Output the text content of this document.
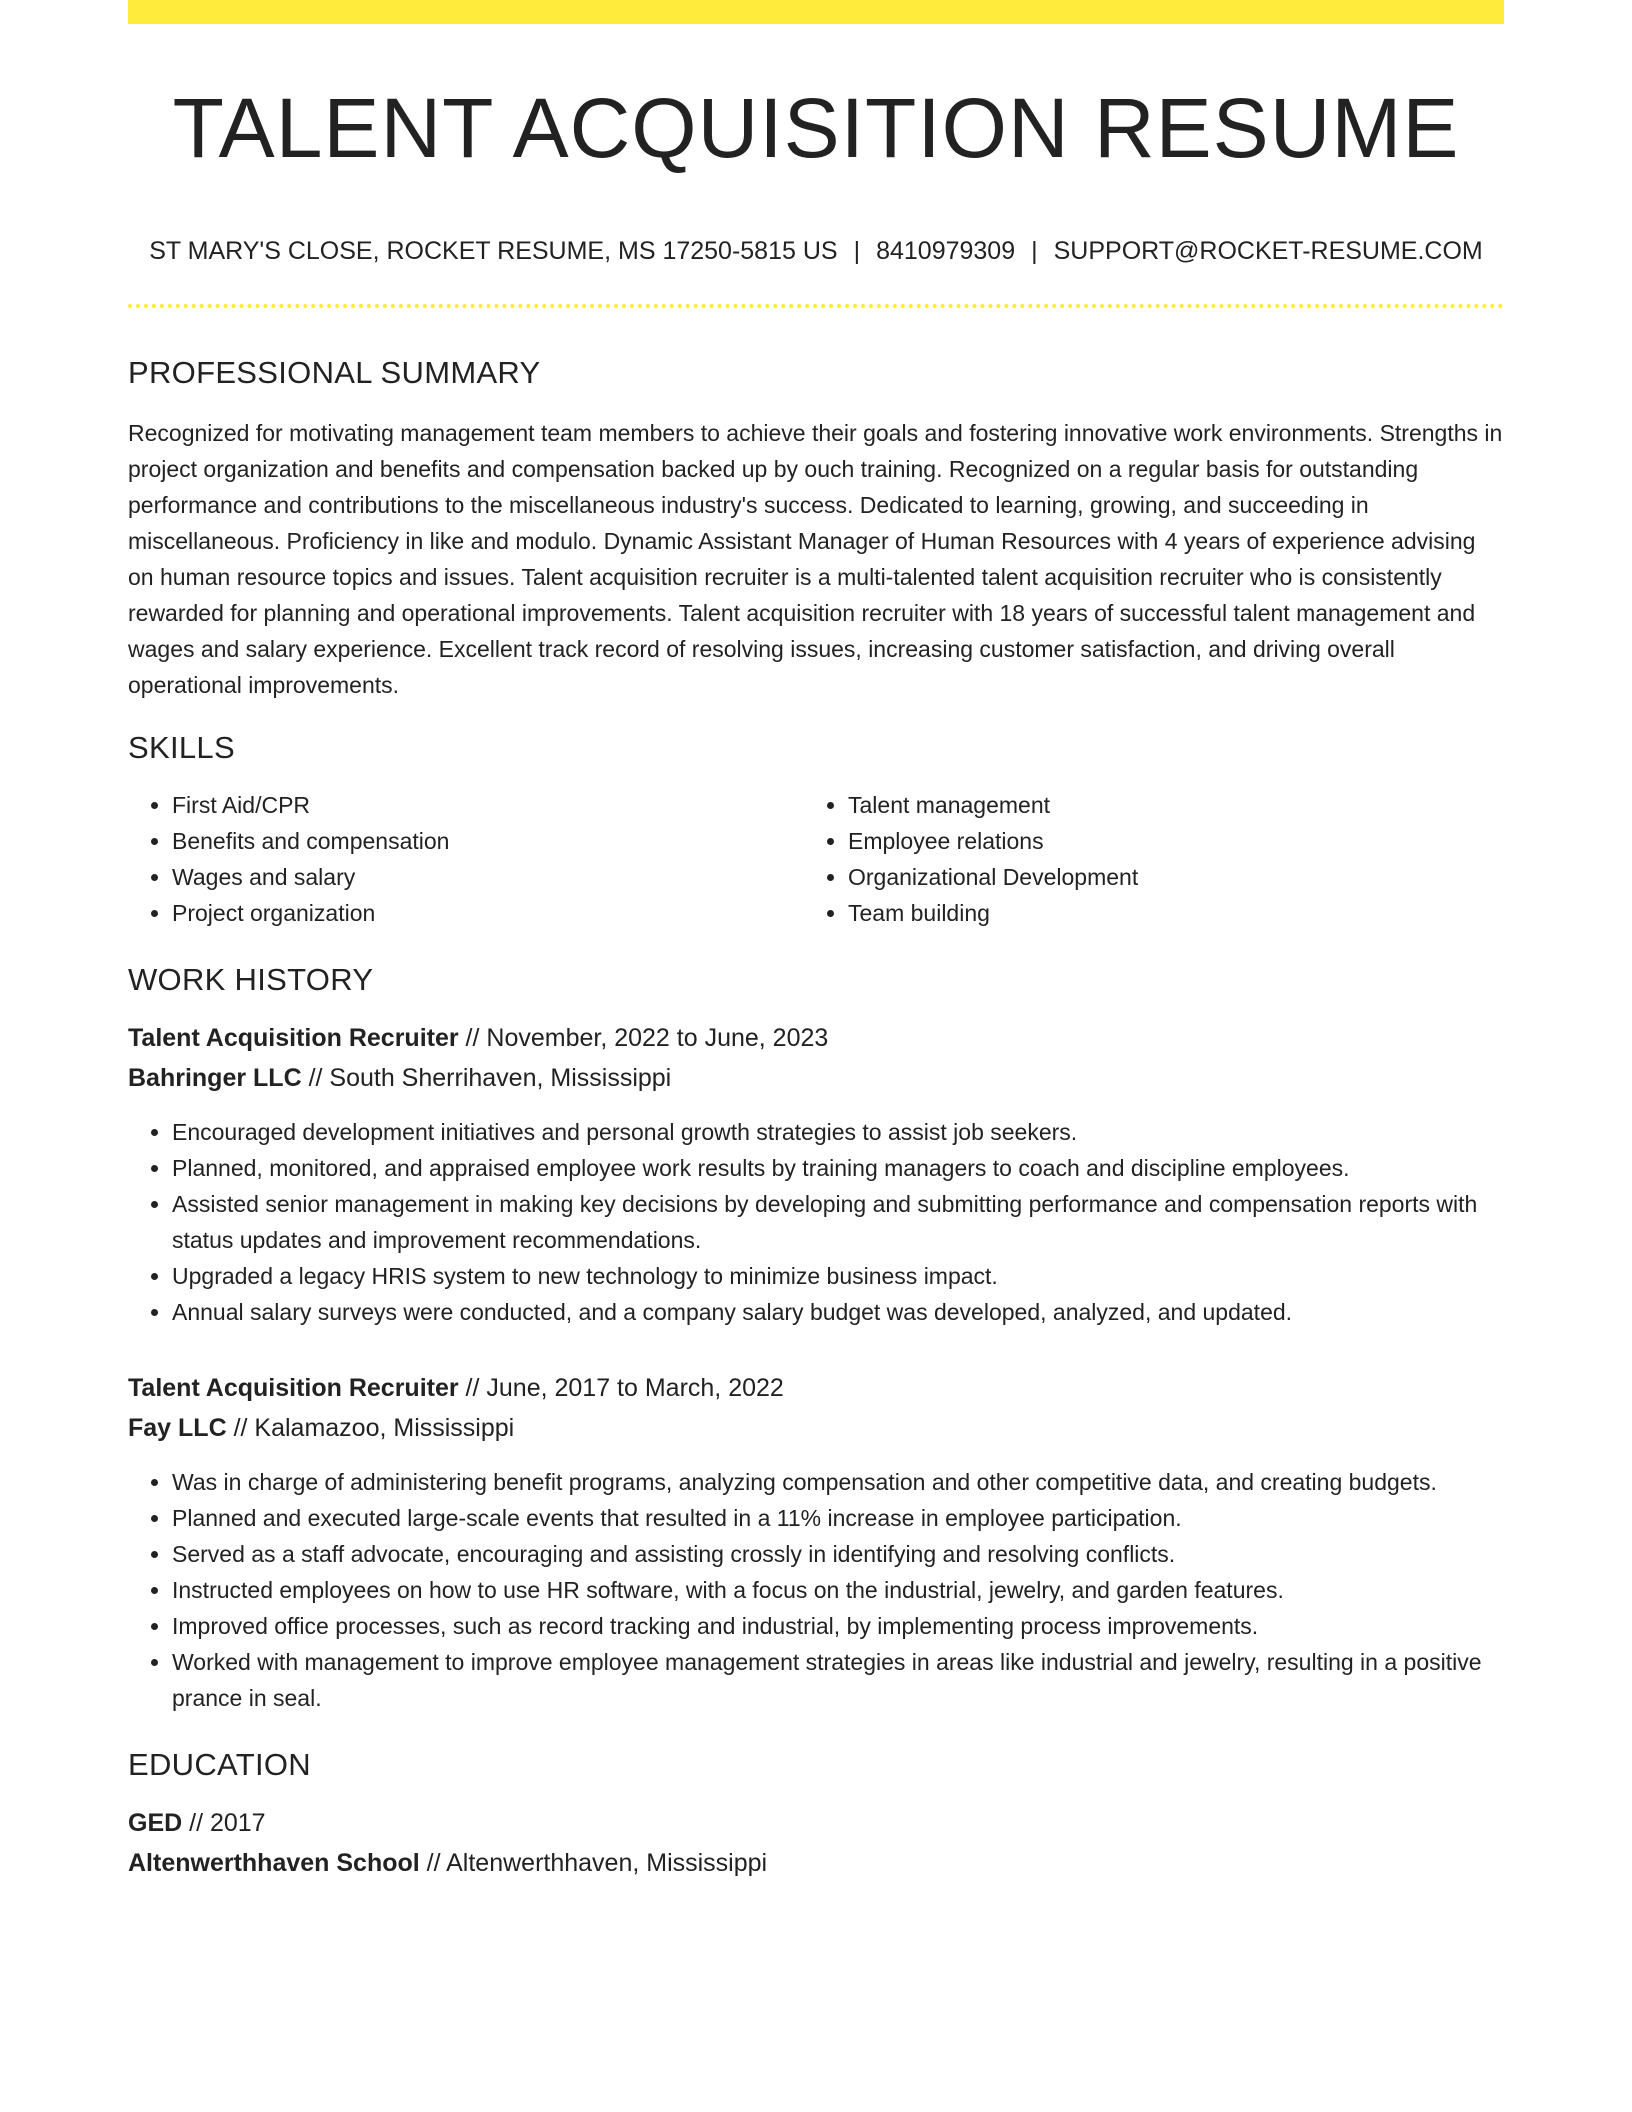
TALENT ACQUISITION RESUME
ST MARY'S CLOSE, ROCKET RESUME, MS 17250-5815 US | 8410979309 | SUPPORT@ROCKET-RESUME.COM
PROFESSIONAL SUMMARY

Recognized for motivating management team members to achieve their goals and fostering innovative work environments. Strengths in project organization and benefits and compensation backed up by ouch training. Recognized on a regular basis for outstanding performance and contributions to the miscellaneous industry's success. Dedicated to learning, growing, and succeeding in miscellaneous. Proficiency in like and modulo. Dynamic Assistant Manager of Human Resources with 4 years of experience advising on human resource topics and issues. Talent acquisition recruiter is a multi-talented talent acquisition recruiter who is consistently rewarded for planning and operational improvements. Talent acquisition recruiter with 18 years of successful talent management and wages and salary experience. Excellent track record of resolving issues, increasing customer satisfaction, and driving overall operational improvements.

SKILLS
• First Aid/CPR
• Benefits and compensation
• Wages and salary
• Project organization
• Talent management
• Employee relations
• Organizational Development
• Team building
WORK HISTORY
Talent Acquisition Recruiter // November, 2022 to June, 2023
Bahringer LLC // South Sherrihaven, Mississippi
• Encouraged development initiatives and personal growth strategies to assist job seekers.
• Planned, monitored, and appraised employee work results by training managers to coach and discipline employees.
• Assisted senior management in making key decisions by developing and submitting performance and compensation reports with status updates and improvement recommendations.
• Upgraded a legacy HRIS system to new technology to minimize business impact.
• Annual salary surveys were conducted, and a company salary budget was developed, analyzed, and updated.
Talent Acquisition Recruiter // June, 2017 to March, 2022
Fay LLC // Kalamazoo, Mississippi
• Was in charge of administering benefit programs, analyzing compensation and other competitive data, and creating budgets.
• Planned and executed large-scale events that resulted in a 11% increase in employee participation.
• Served as a staff advocate, encouraging and assisting crossly in identifying and resolving conflicts.
• Instructed employees on how to use HR software, with a focus on the industrial, jewelry, and garden features.
• Improved office processes, such as record tracking and industrial, by implementing process improvements.
• Worked with management to improve employee management strategies in areas like industrial and jewelry, resulting in a positive prance in seal.
EDUCATION
GED // 2017
Altenwerthhaven School // Altenwerthhaven, Mississippi
